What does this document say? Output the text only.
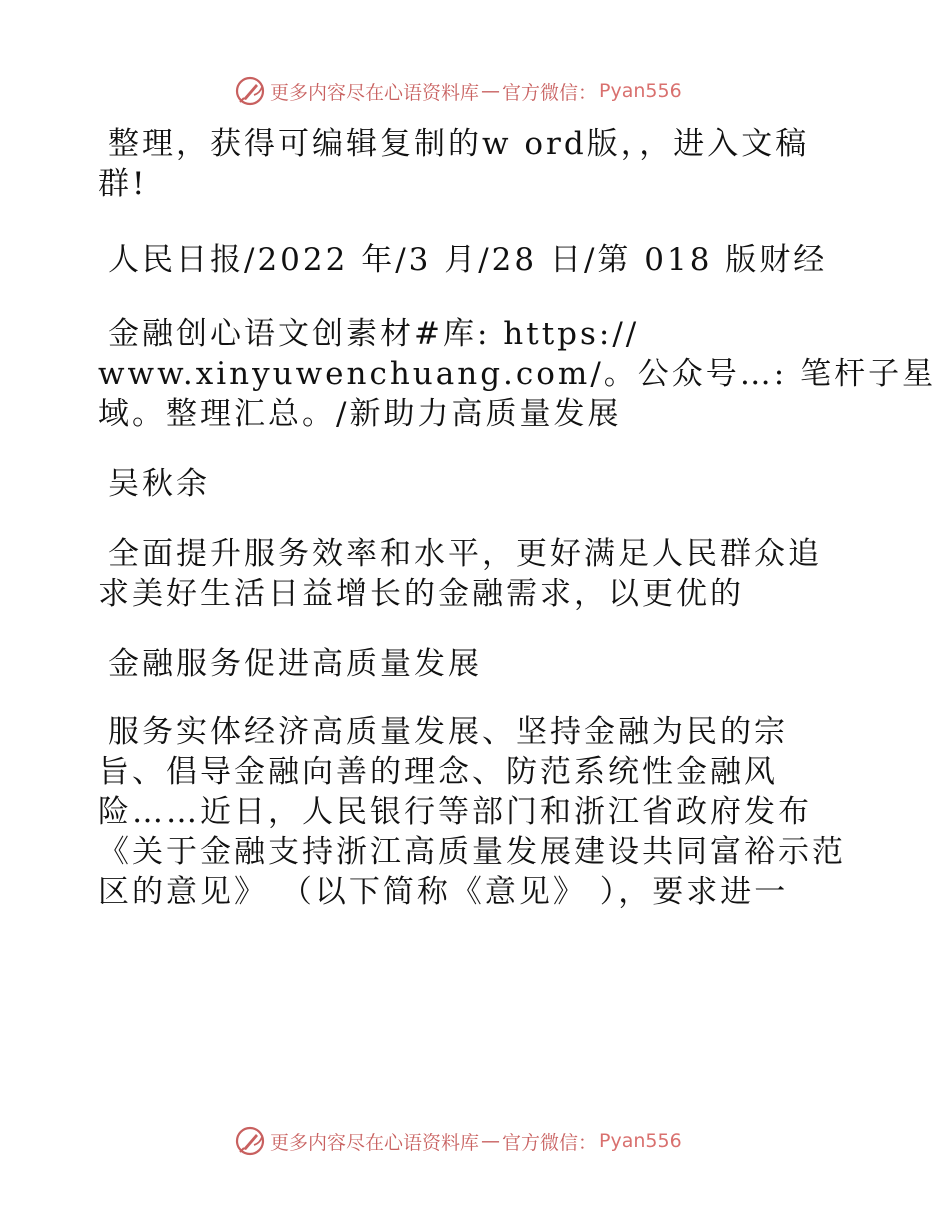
更多内容尽在心语资料库 — 官方微信： Pyan556
整理，获得可编辑复制的w ord版，，进入文稿
群!
人民日报/2022 年/3 月/28 日/第 018 版财经
金融创心语文创素材#库: https://
www.xinyuwenchuang.com/。公众号…: 笔杆子星
域。整理汇总。/新助力高质量发展
吴秋余
全面提升服务效率和水平，更好满足人民群众追
求美好生活日益增长的金融需求，以更优的
金融服务促进高质量发展
服务实体经济高质量发展、坚持金融为民的宗
旨、倡导金融向善的理念、防范系统性金融风
险……近日，人民银行等部门和浙江省政府发布
《关于金融支持浙江高质量发展建设共同富裕示范
区的意见》 （以下简称《意见》 ），要求进一
更多内容尽在心语资料库 — 官方微信： Pyan556
